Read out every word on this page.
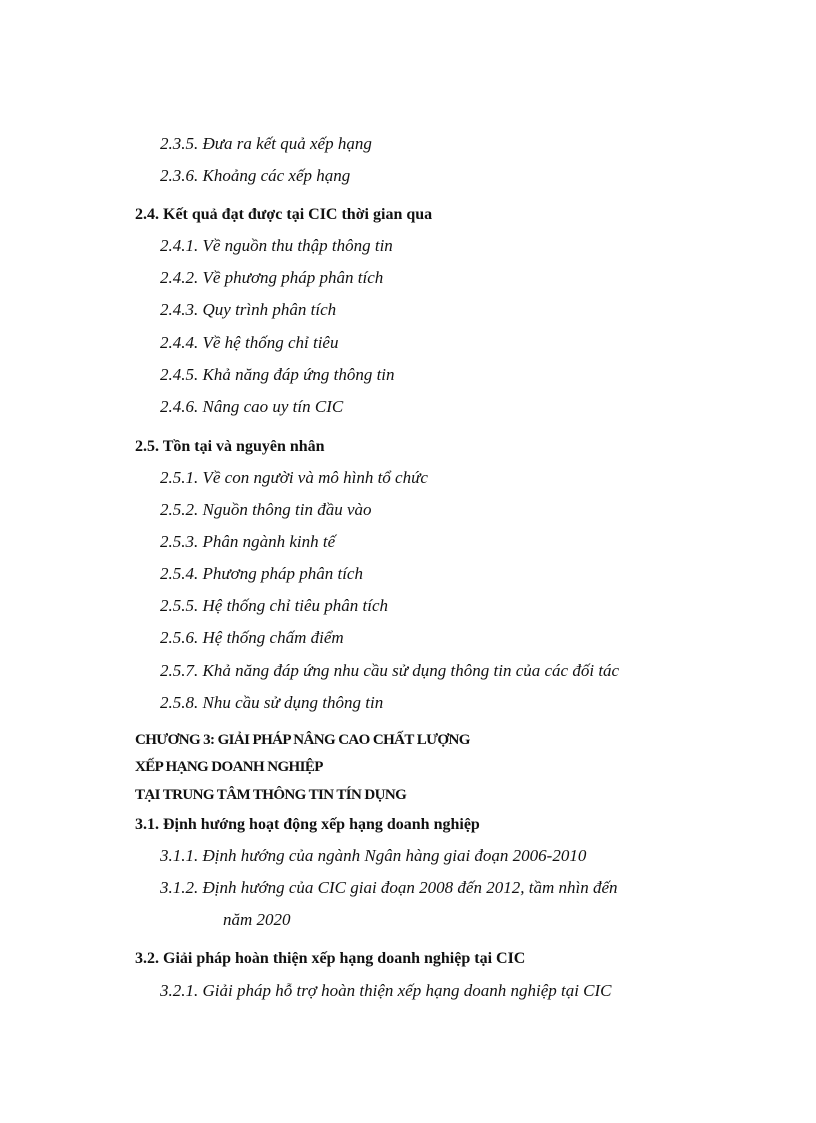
2.3.5. Đưa ra kết quả xếp hạng
2.3.6. Khoảng các xếp hạng
2.4. Kết quả đạt được tại CIC thời gian qua
2.4.1. Về nguồn thu thập thông tin
2.4.2. Về phương pháp phân tích
2.4.3. Quy trình phân tích
2.4.4. Về hệ thống chỉ tiêu
2.4.5. Khả năng đáp ứng thông tin
2.4.6. Nâng cao uy tín CIC
2.5. Tồn tại và nguyên nhân
2.5.1. Về con người và mô hình tổ chức
2.5.2. Nguồn thông tin đầu vào
2.5.3. Phân ngành kinh tế
2.5.4. Phương pháp phân tích
2.5.5. Hệ thống chỉ tiêu phân tích
2.5.6. Hệ thống chấm điểm
2.5.7. Khả năng đáp ứng nhu cầu sử dụng thông tin của các đối tác
2.5.8. Nhu cầu sử dụng thông tin
CHƯƠNG 3: GIẢI PHÁP NÂNG CAO CHẤT LƯỢNG
XẾP HẠNG DOANH NGHIỆP
TẠI TRUNG TÂM THÔNG TIN TÍN DỤNG
3.1. Định hướng hoạt động xếp hạng doanh nghiệp
3.1.1. Định hướng của ngành Ngân hàng giai đoạn 2006-2010
3.1.2. Định hướng của CIC giai đoạn 2008 đến 2012, tầm nhìn đến
năm 2020
3.2. Giải pháp hoàn thiện xếp hạng doanh nghiệp tại CIC
3.2.1. Giải pháp hỗ trợ hoàn thiện xếp hạng doanh nghiệp tại CIC
